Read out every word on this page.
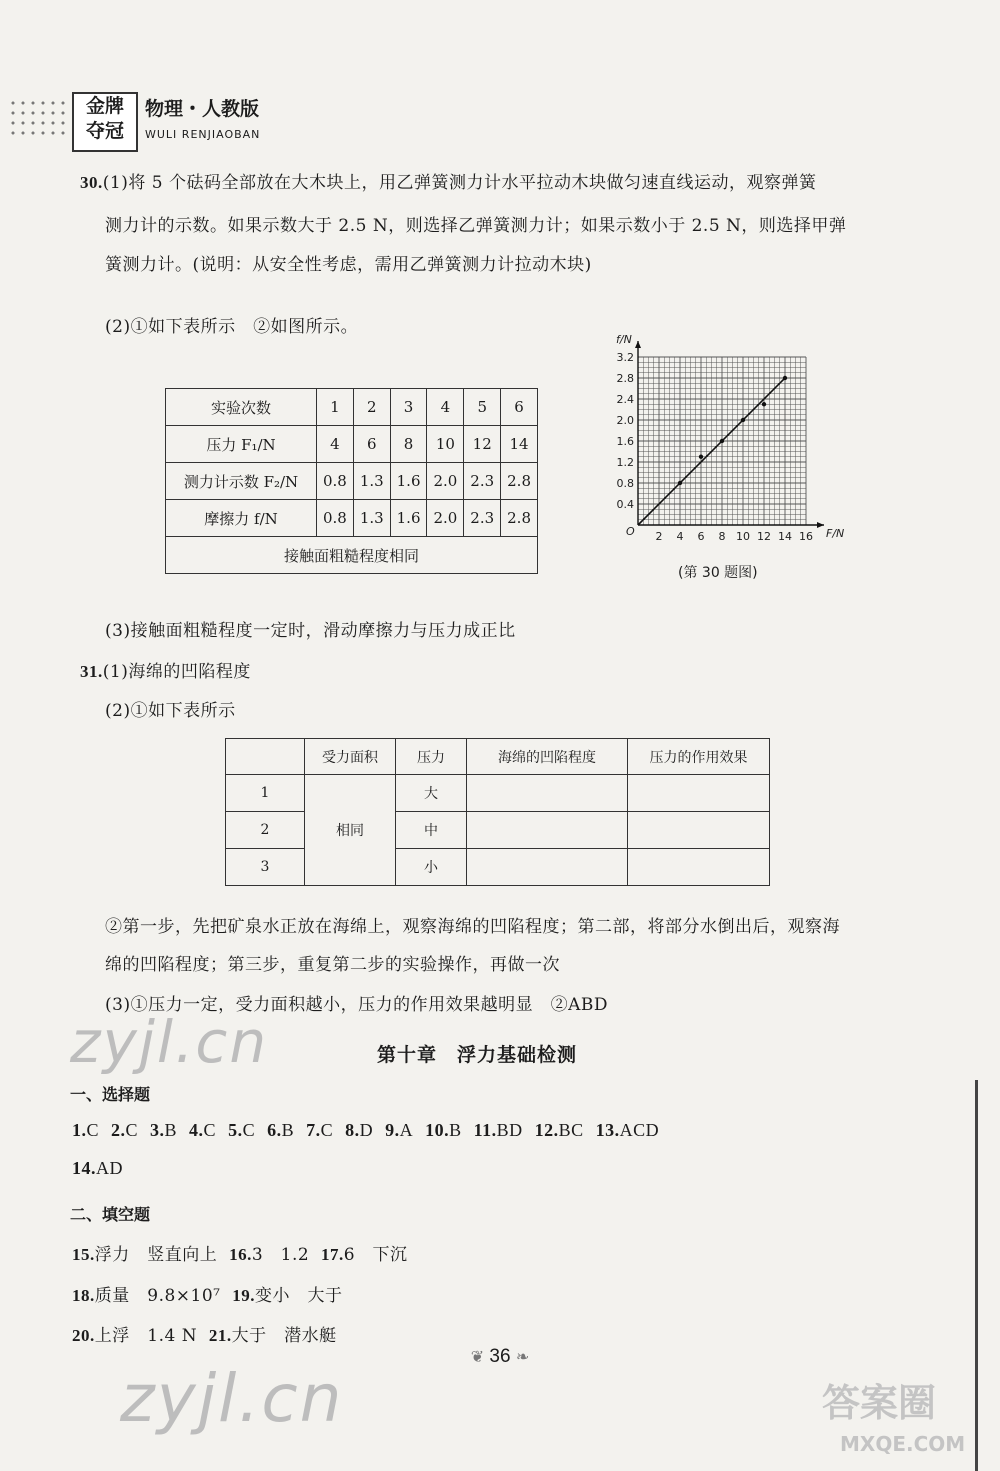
金牌
夺冠
物理・人教版
WULI RENJIAOBAN
30.(1)将 5 个砝码全部放在大木块上，用乙弹簧测力计水平拉动木块做匀速直线运动，观察弹簧
测力计的示数。如果示数大于 2.5 N，则选择乙弹簧测力计；如果示数小于 2.5 N，则选择甲弹
簧测力计。(说明：从安全性考虑，需用乙弹簧测力计拉动木块)
(2)①如下表所示　②如图所示。
实验次数	1	2	3	4	5	6
压力 F₁/N	4	6	8	10	12	14
测力计示数 F₂/N	0.8	1.3	1.6	2.0	2.3	2.8
摩擦力 f/N	0.8	1.3	1.6	2.0	2.3	2.8
接触面粗糙程度相同						
2 4 6 8 10 12 14 16
0.4
0.8
1.2
1.6
2.0
2.4
2.8
3.2
O	F/N
f/N
(第 30 题图)
(3)接触面粗糙程度一定时，滑动摩擦力与压力成正比
31.(1)海绵的凹陷程度
(2)①如下表所示
	受力面积	压力	海绵的凹陷程度	压力的作用效果
1	相同	大		
2		中		
3		小		
②第一步，先把矿泉水正放在海绵上，观察海绵的凹陷程度；第二部，将部分水倒出后，观察海
绵的凹陷程度；第三步，重复第二步的实验操作，再做一次
(3)①压力一定，受力面积越小，压力的作用效果越明显　②ABD
zyjl.cn	第十章　浮力基础检测
一、选择题
1.C 2.C 3.B 4.C 5.C 6.B 7.C 8.D 9.A 10.B 11.BD 12.BC 13.ACD
14.AD
二、填空题
15.浮力　竖直向上 16.3　1.2 17.6　下沉
18.质量　9.8×10⁷ 19.变小　大于
20.上浮　1.4 N 21.大于　潜水艇
❦ 36 ❧
zyjl.cn	答案圈
MXQE.COM
